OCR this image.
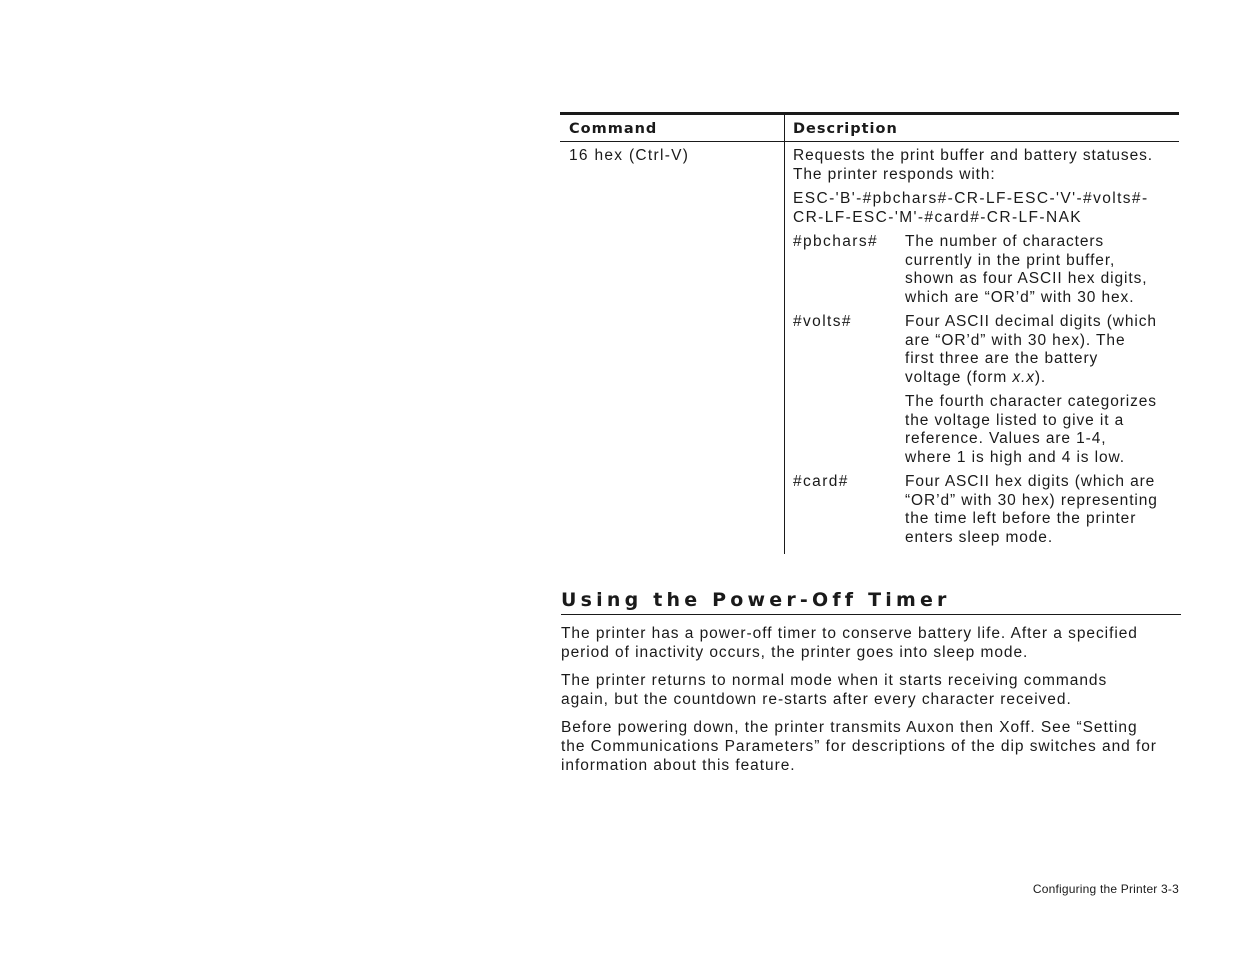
Command	Description
16 hex (Ctrl-V)	Requests the print buffer and battery statuses.
The printer responds with:

ESC-'B'-#pbchars#-CR-LF-ESC-'V'-#volts#-
CR-LF-ESC-'M'-#card#-CR-LF-NAK

#pbchars#	The number of characters
currently in the print buffer,
shown as four ASCII hex digits,
which are “OR’d” with 30 hex.
#volts#	Four ASCII decimal digits (which
are “OR’d” with 30 hex). The
first three are the battery
voltage (form x.x).
The fourth character categorizes
the voltage listed to give it a
reference. Values are 1-4,
where 1 is high and 4 is low.
#card#	Four ASCII hex digits (which are
“OR’d” with 30 hex) representing
the time left before the printer
enters sleep mode.
Using the Power-Off Timer

The printer has a power-off timer to conserve battery life. After a specified
period of inactivity occurs, the printer goes into sleep mode.

The printer returns to normal mode when it starts receiving commands
again, but the countdown re-starts after every character received.

Before powering down, the printer transmits Auxon then Xoff. See “Setting
the Communications Parameters” for descriptions of the dip switches and for
information about this feature.

Configuring the Printer 3-3
